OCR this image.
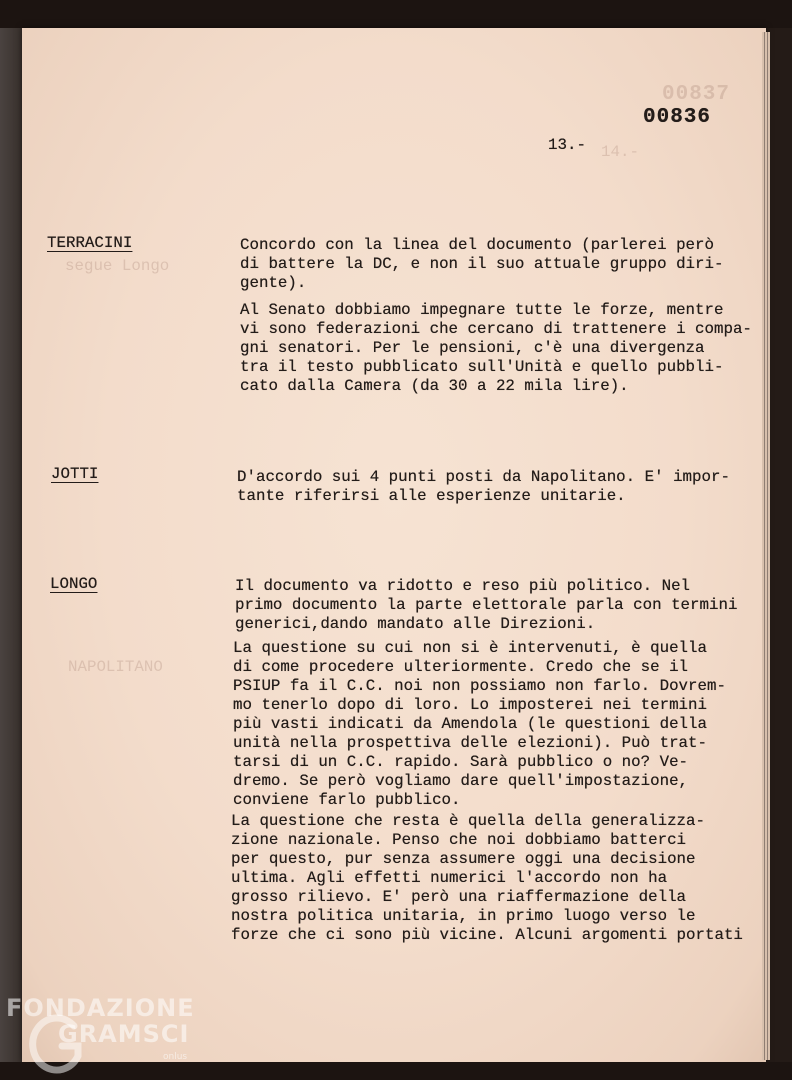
00837
14.-
segue Longo
NAPOLITANO
00836
13.-
TERRACINI	Concordo con la linea del documento (parlerei però
di battere la DC, e non il suo attuale gruppo diri-
gente).

Al Senato dobbiamo impegnare tutte le forze, mentre
vi sono federazioni che cercano di trattenere i compa-
gni senatori. Per le pensioni, c'è una divergenza
tra il testo pubblicato sull'Unità e quello pubbli-
cato dalla Camera (da 30 a 22 mila lire).

JOTTI	D'accordo sui 4 punti posti da Napolitano. E' impor-
tante riferirsi alle esperienze unitarie.

LONGO	Il documento va ridotto e reso più politico. Nel
primo documento la parte elettorale parla con termini
generici,dando mandato alle Direzioni.

La questione su cui non si è intervenuti, è quella
di come procedere ulteriormente. Credo che se il
PSIUP fa il C.C. noi non possiamo non farlo. Dovrem-
mo tenerlo dopo di loro. Lo imposterei nei termini
più vasti indicati da Amendola (le questioni della
unità nella prospettiva delle elezioni). Può trat-
tarsi di un C.C. rapido. Sarà pubblico o no? Ve-
dremo. Se però vogliamo dare quell'impostazione,
conviene farlo pubblico.

La questione che resta è quella della generalizza-
zione nazionale. Penso che noi dobbiamo batterci
per questo, pur senza assumere oggi una decisione
ultima. Agli effetti numerici l'accordo non ha
grosso rilievo. E' però una riaffermazione della
nostra politica unitaria, in primo luogo verso le
forze che ci sono più vicine. Alcuni argomenti portati

FONDAZIONE
GRAMSCI
onlus
